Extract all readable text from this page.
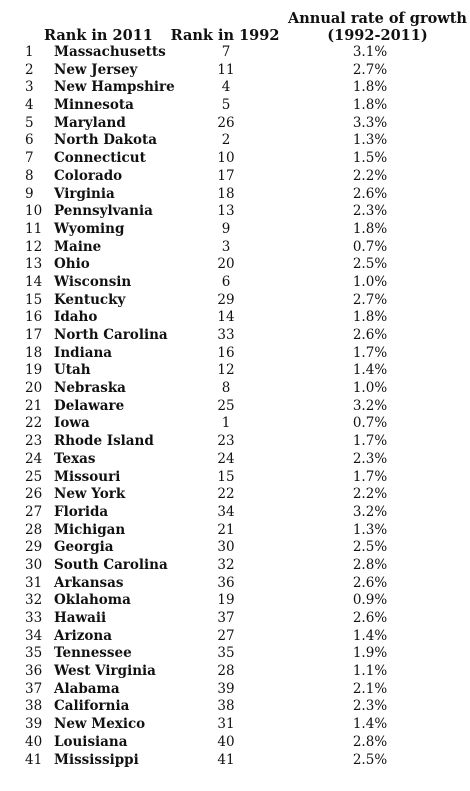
Rank in 2011 Rank in 1992
Annual rate of growth
(1992-2011)
1	Massachusetts	7	3.1%
2	New Jersey	11	2.7%
3	New Hampshire	4	1.8%
4	Minnesota	5	1.8%
5	Maryland	26	3.3%
6	North Dakota	2	1.3%
7	Connecticut	10	1.5%
8	Colorado	17	2.2%
9	Virginia	18	2.6%
10 Pennsylvania	13	2.3%
11 Wyoming	9	1.8%
12 Maine	3	0.7%
13 Ohio	20	2.5%
14 Wisconsin	6	1.0%
15 Kentucky	29	2.7%
16 Idaho	14	1.8%
17 North Carolina	33	2.6%
18 Indiana	16	1.7%
19 Utah	12	1.4%
20 Nebraska	8	1.0%
21 Delaware	25	3.2%
22 Iowa	1	0.7%
23 Rhode Island	23	1.7%
24 Texas	24	2.3%
25 Missouri	15	1.7%
26 New York	22	2.2%
27 Florida	34	3.2%
28 Michigan	21	1.3%
29 Georgia	30	2.5%
30 South Carolina	32	2.8%
31 Arkansas	36	2.6%
32 Oklahoma	19	0.9%
33 Hawaii	37	2.6%
34 Arizona	27	1.4%
35 Tennessee	35	1.9%
36 West Virginia	28	1.1%
37 Alabama	39	2.1%
38 California	38	2.3%
39 New Mexico	31	1.4%
40 Louisiana	40	2.8%
41 Mississippi	41	2.5%
